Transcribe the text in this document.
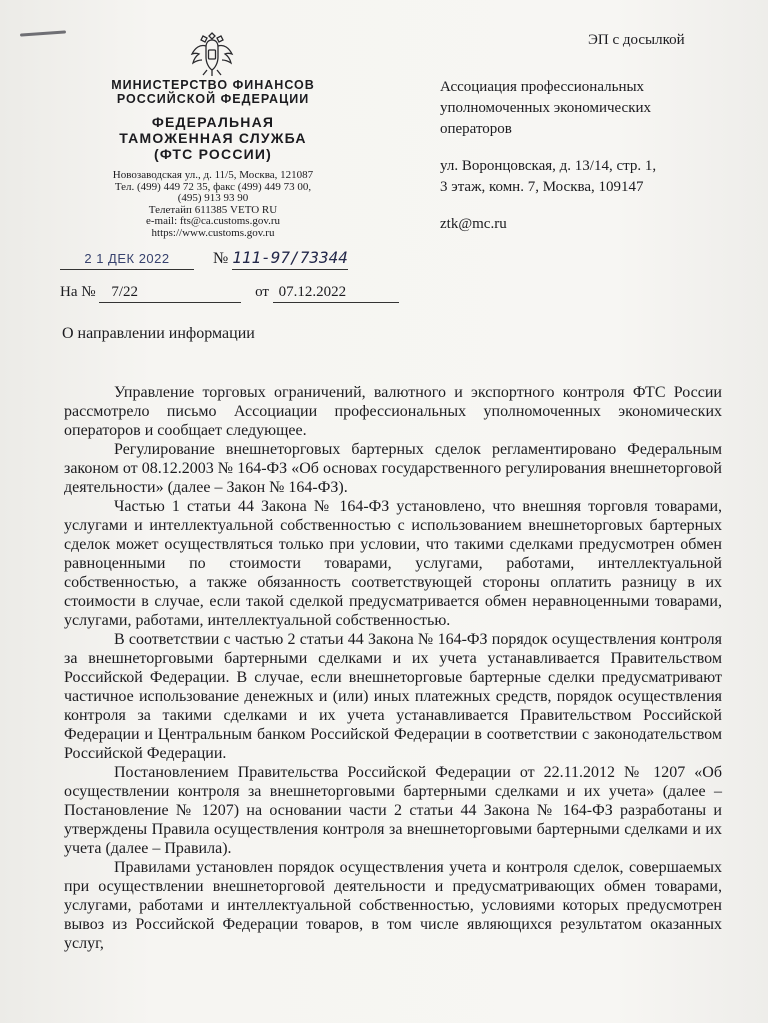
МИНИСТЕРСТВО ФИНАНСОВ
РОССИЙСКОЙ ФЕДЕРАЦИИ
ФЕДЕРАЛЬНАЯ
ТАМОЖЕННАЯ СЛУЖБА
(ФТС РОССИИ)
Новозаводская ул., д. 11/5, Москва, 121087
Тел. (499) 449 72 35, факс (499) 449 73 00,
(495) 913 93 90
Телетайп 611385 VETO RU
e-mail: fts@ca.customs.gov.ru
https://www.customs.gov.ru
2 1 ДЕК 2022	№ 111-97/73344
На № 7/22	от 07.12.2022
ЭП с досылкой
Ассоциация профессиональных
уполномоченных экономических
операторов
ул. Воронцовская, д. 13/14, стр. 1,
3 этаж, комн. 7, Москва, 109147
ztk@mc.ru
О направлении информации

Управление торговых ограничений, валютного и экспортного контроля ФТС России рассмотрело письмо Ассоциации профессиональных уполномоченных экономических операторов и сообщает следующее.

Регулирование внешнеторговых бартерных сделок регламентировано Федеральным законом от 08.12.2003 № 164-ФЗ «Об основах государственного регулирования внешнеторговой деятельности» (далее – Закон № 164-ФЗ).

Частью 1 статьи 44 Закона № 164-ФЗ установлено, что внешняя торговля товарами, услугами и интеллектуальной собственностью с использованием внешнеторговых бартерных сделок может осуществляться только при условии, что такими сделками предусмотрен обмен равноценными по стоимости товарами, услугами, работами, интеллектуальной собственностью, а также обязанность соответствующей стороны оплатить разницу в их стоимости в случае, если такой сделкой предусматривается обмен неравноценными товарами, услугами, работами, интеллектуальной собственностью.

В соответствии с частью 2 статьи 44 Закона № 164-ФЗ порядок осуществления контроля за внешнеторговыми бартерными сделками и их учета устанавливается Правительством Российской Федерации. В случае, если внешнеторговые бартерные сделки предусматривают частичное использование денежных и (или) иных платежных средств, порядок осуществления контроля за такими сделками и их учета устанавливается Правительством Российской Федерации и Центральным банком Российской Федерации в соответствии с законодательством Российской Федерации.

Постановлением Правительства Российской Федерации от 22.11.2012 № 1207 «Об осуществлении контроля за внешнеторговыми бартерными сделками и их учета» (далее – Постановление № 1207) на основании части 2 статьи 44 Закона № 164-ФЗ разработаны и утверждены Правила осуществления контроля за внешнеторговыми бартерными сделками и их учета (далее – Правила).

Правилами установлен порядок осуществления учета и контроля сделок, совершаемых при осуществлении внешнеторговой деятельности и предусматривающих обмен товарами, услугами, работами и интеллектуальной собственностью, условиями которых предусмотрен вывоз из Российской Федерации товаров, в том числе являющихся результатом оказанных услуг,
